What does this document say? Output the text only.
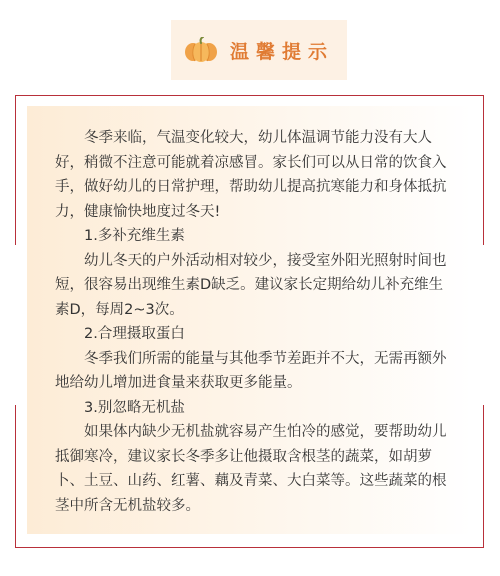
温馨提示

冬季来临，气温变化较大，幼儿体温调节能力没有大人好，稍微不注意可能就着凉感冒。家长们可以从日常的饮食入手，做好幼儿的日常护理，帮助幼儿提高抗寒能力和身体抵抗力，健康愉快地度过冬天!

1.多补充维生素

幼儿冬天的户外活动相对较少，接受室外阳光照射时间也短，很容易出现维生素D缺乏。建议家长定期给幼儿补充维生素D，每周2~3次。

2.合理摄取蛋白

冬季我们所需的能量与其他季节差距并不大，无需再额外地给幼儿增加进食量来获取更多能量。

3.别忽略无机盐

如果体内缺少无机盐就容易产生怕冷的感觉，要帮助幼儿抵御寒冷，建议家长冬季多让他摄取含根茎的蔬菜，如胡萝卜、土豆、山药、红薯、藕及青菜、大白菜等。这些蔬菜的根茎中所含无机盐较多。
